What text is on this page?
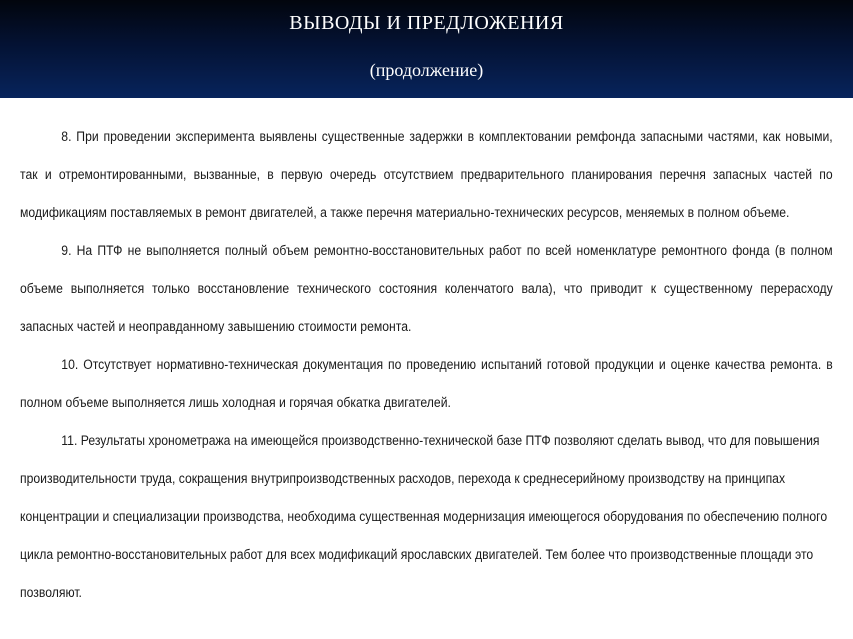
ВЫВОДЫ И ПРЕДЛОЖЕНИЯ
(продолжение)

8. При проведении эксперимента выявлены существенные задержки в комплектовании ремфонда запасными частями, как новыми, так и отремонтированными, вызванные, в первую очередь отсутствием предварительного планирования перечня запасных частей по модификациям поставляемых в ремонт двигателей, а также перечня материально-технических ресурсов, меняемых в полном объеме.

9. На ПТФ не выполняется полный объем ремонтно-восстановительных работ по всей номенклатуре ремонтного фонда (в полном объеме выполняется только восстановление технического состояния коленчатого вала), что приводит к существенному перерасходу запасных частей и неоправданному завышению стоимости ремонта.

10. Отсутствует нормативно-техническая документация по проведению испытаний готовой продукции и оценке качества ремонта. в полном объеме выполняется лишь холодная и горячая обкатка двигателей.

11. Результаты хронометража на имеющейся производственно-технической базе ПТФ позволяют сделать вывод, что для повышения производительности труда, сокращения внутрипроизводственных расходов, перехода к среднесерийному производству на принципах концентрации и специализации производства, необходима существенная модернизация имеющегося оборудования по обеспечению полного цикла ремонтно-восстановительных работ для всех модификаций ярославских двигателей. Тем более что производственные площади это позволяют.
